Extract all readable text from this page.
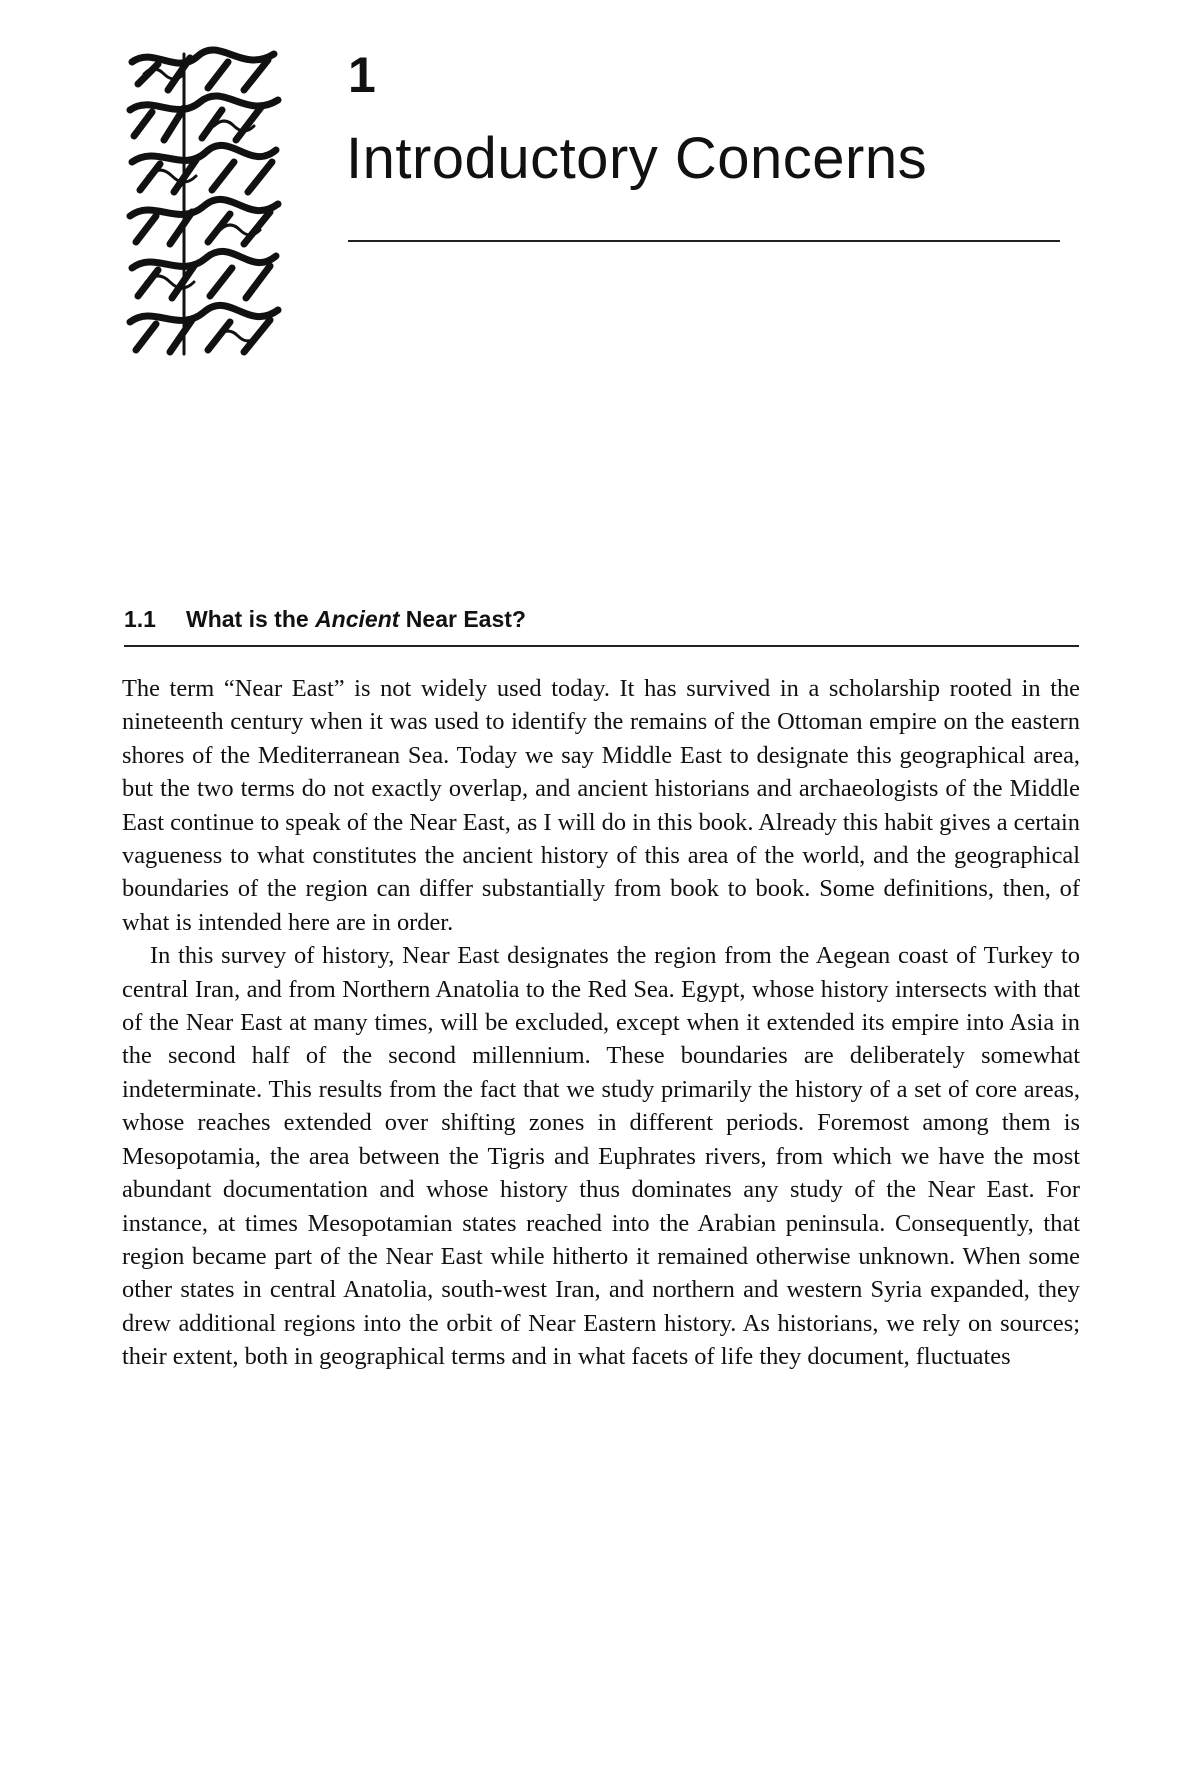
1
Introductory Concerns
1.1 What is the Ancient Near East?

The term “Near East” is not widely used today. It has survived in a scholarship rooted in the nineteenth century when it was used to identify the remains of the Ottoman empire on the eastern shores of the Mediterranean Sea. Today we say Middle East to designate this geographical area, but the two terms do not exactly overlap, and ancient historians and archaeologists of the Middle East continue to speak of the Near East, as I will do in this book. Already this habit gives a certain vagueness to what constitutes the ancient history of this area of the world, and the geographical boundaries of the region can differ substantially from book to book. Some definitions, then, of what is intended here are in order.

In this survey of history, Near East designates the region from the Aegean coast of Turkey to central Iran, and from Northern Anatolia to the Red Sea. Egypt, whose history intersects with that of the Near East at many times, will be excluded, except when it extended its empire into Asia in the second half of the second millennium. These boundaries are deliberately somewhat indeterminate. This results from the fact that we study primarily the history of a set of core areas, whose reaches extended over shifting zones in different periods. Foremost among them is Mesopotamia, the area between the Tigris and Euphrates rivers, from which we have the most abundant documentation and whose history thus dominates any study of the Near East. For instance, at times Mesopotamian states reached into the Arabian peninsula. Consequently, that region became part of the Near East while hitherto it remained otherwise unknown. When some other states in central Anatolia, south-west Iran, and northern and western Syria expanded, they drew additional regions into the orbit of Near Eastern history. As historians, we rely on sources; their extent, both in geographical terms and in what facets of life they document, fluctuates
